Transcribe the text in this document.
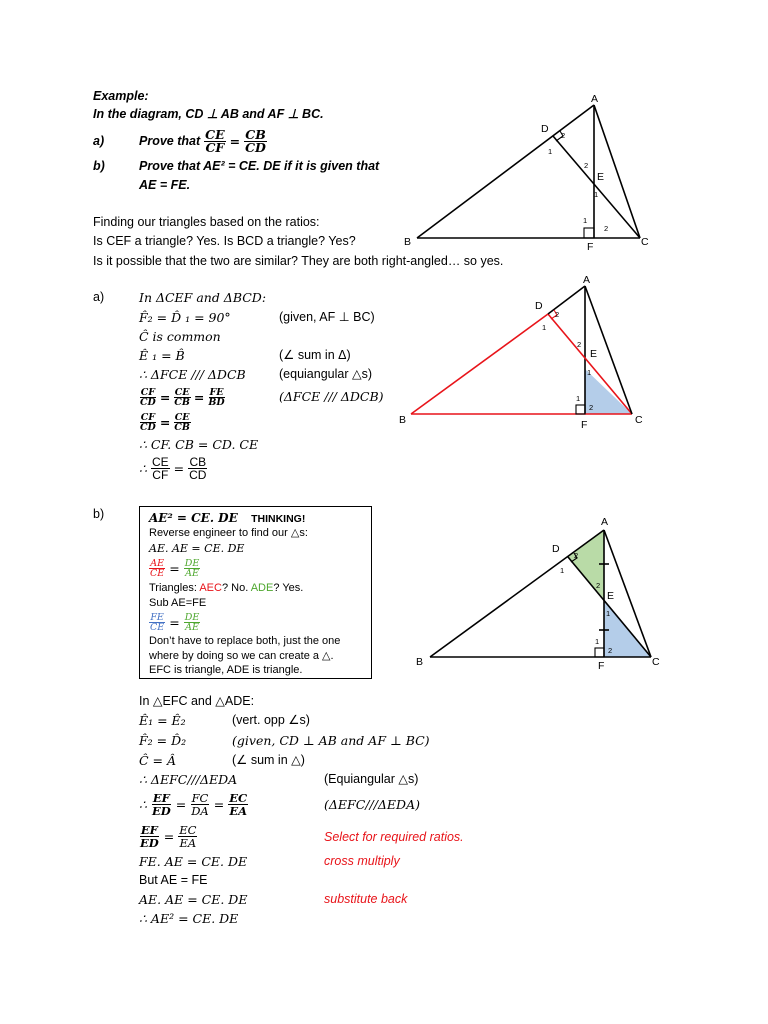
Example:
In the diagram, CD ⊥ AB and AF ⊥ BC.
a)	Prove that $\frac{CE}{CF} = \frac{CB}{CD}$
b)	Prove that AE² = CE. DE if it is given that
AE = FE.
Finding our triangles based on the ratios:
Is CEF a triangle? Yes. Is BCD a triangle? Yes?
Is it possible that the two are similar? They are both right-angled… so yes.
a)	In ΔCEF and ΔBCD:
F̂₂ = D̂ ₁ = 90°	(given, AF ⊥ BC)
Ĉ is common
Ê ₁ = B̂	(∠ sum in Δ)
∴ ΔFCE /// ΔDCB	(equiangular △s)
$\frac{CF}{CD} = \frac{CE}{CB} = \frac{FE}{BD}$	(ΔFCE /// ΔDCB)
$\frac{CF}{CD} = \frac{CE}{CB}$
∴ CF. CB = CD. CE
∴ $\frac{CE}{CF} = \frac{CB}{CD}$
b)	AE² = CE. DE THINKING!
Reverse engineer to find our △s:
AE. AE = CE. DE
$\frac{AE}{CE} = \frac{DE}{AE}$
Triangles: AEC? No. ADE? Yes.
Sub AE=FE
$\frac{FE}{CE} = \frac{DE}{AE}$
Don’t have to replace both, just the one
where by doing so we can create a △.
EFC is triangle, ADE is triangle.
In △EFC and △ADE:
Ê₁ = Ê₂	(vert. opp ∠s)
F̂₂ = D̂₂	(given, CD ⊥ AB and AF ⊥ BC)
Ĉ = Â	(∠ sum in △)
∴ ΔEFC///ΔEDA	(Equiangular △s)
∴ $\frac{EF}{ED} = \frac{FC}{DA} = \frac{EC}{EA}$	(ΔEFC///ΔEDA)
$\frac{EF}{ED} = \frac{EC}{EA}$	Select for required ratios.
FE. AE = CE. DE	cross multiply
But AE = FE
AE. AE = CE. DE	substitute back
∴ AE² = CE. DE
A
D
E
B	F	C
2
1
2
1
1
2
A
D
E
B	F	C
2
1
2
1
1
2
A
D
E
B	F	C
2
1
2
1
1
2
